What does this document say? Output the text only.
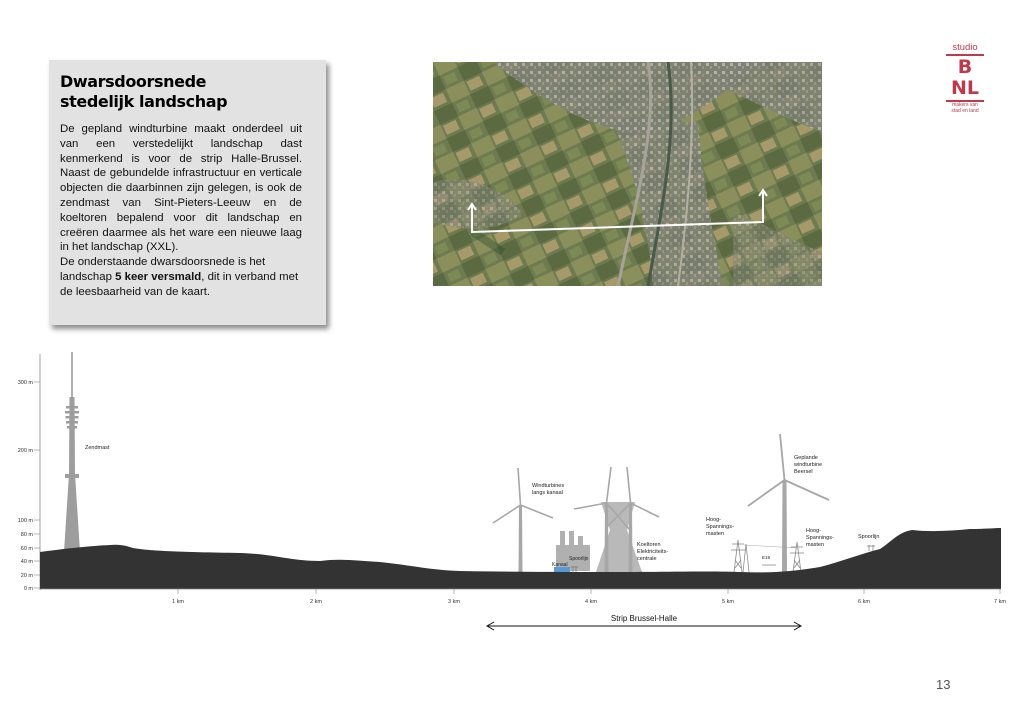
Dwarsdoorsnede
stedelijk landschap

De gepland windturbine maakt onderdeel uit van een verstedelijkt landschap dast kenmerkend is voor de strip Halle-Brussel. Naast de gebundelde infrastructuur en verticale objecten die daarbinnen zijn gelegen, is ook de zendmast van Sint-Pieters-Leeuw en de koeltoren bepalend voor dit landschap en creëren daarmee als het ware een nieuwe laag in het landschap (XXL).

De onderstaande dwarsdoorsnede is het landschap 5 keer versmald, dit in verband met de leesbaarheid van de kaart.

studio
B
NL
makers van
stad en land
300 m
200 m
100 m
80 m
60 m
40 m
20 m
0 m
1 km	2 km	3 km	4 km	5 km	6 km	7 km
Zendmast
Windturbines
langs kanaal
Kanaal
Spoorlijn
Koeltoren
Elektriciteits-
centrale
Hoog-
Spannings-
masten
E19
Geplande
windturbine
Beersel
Hoog-
Spannings-
masten
Spoorlijn
Strip Brussel-Halle
13
